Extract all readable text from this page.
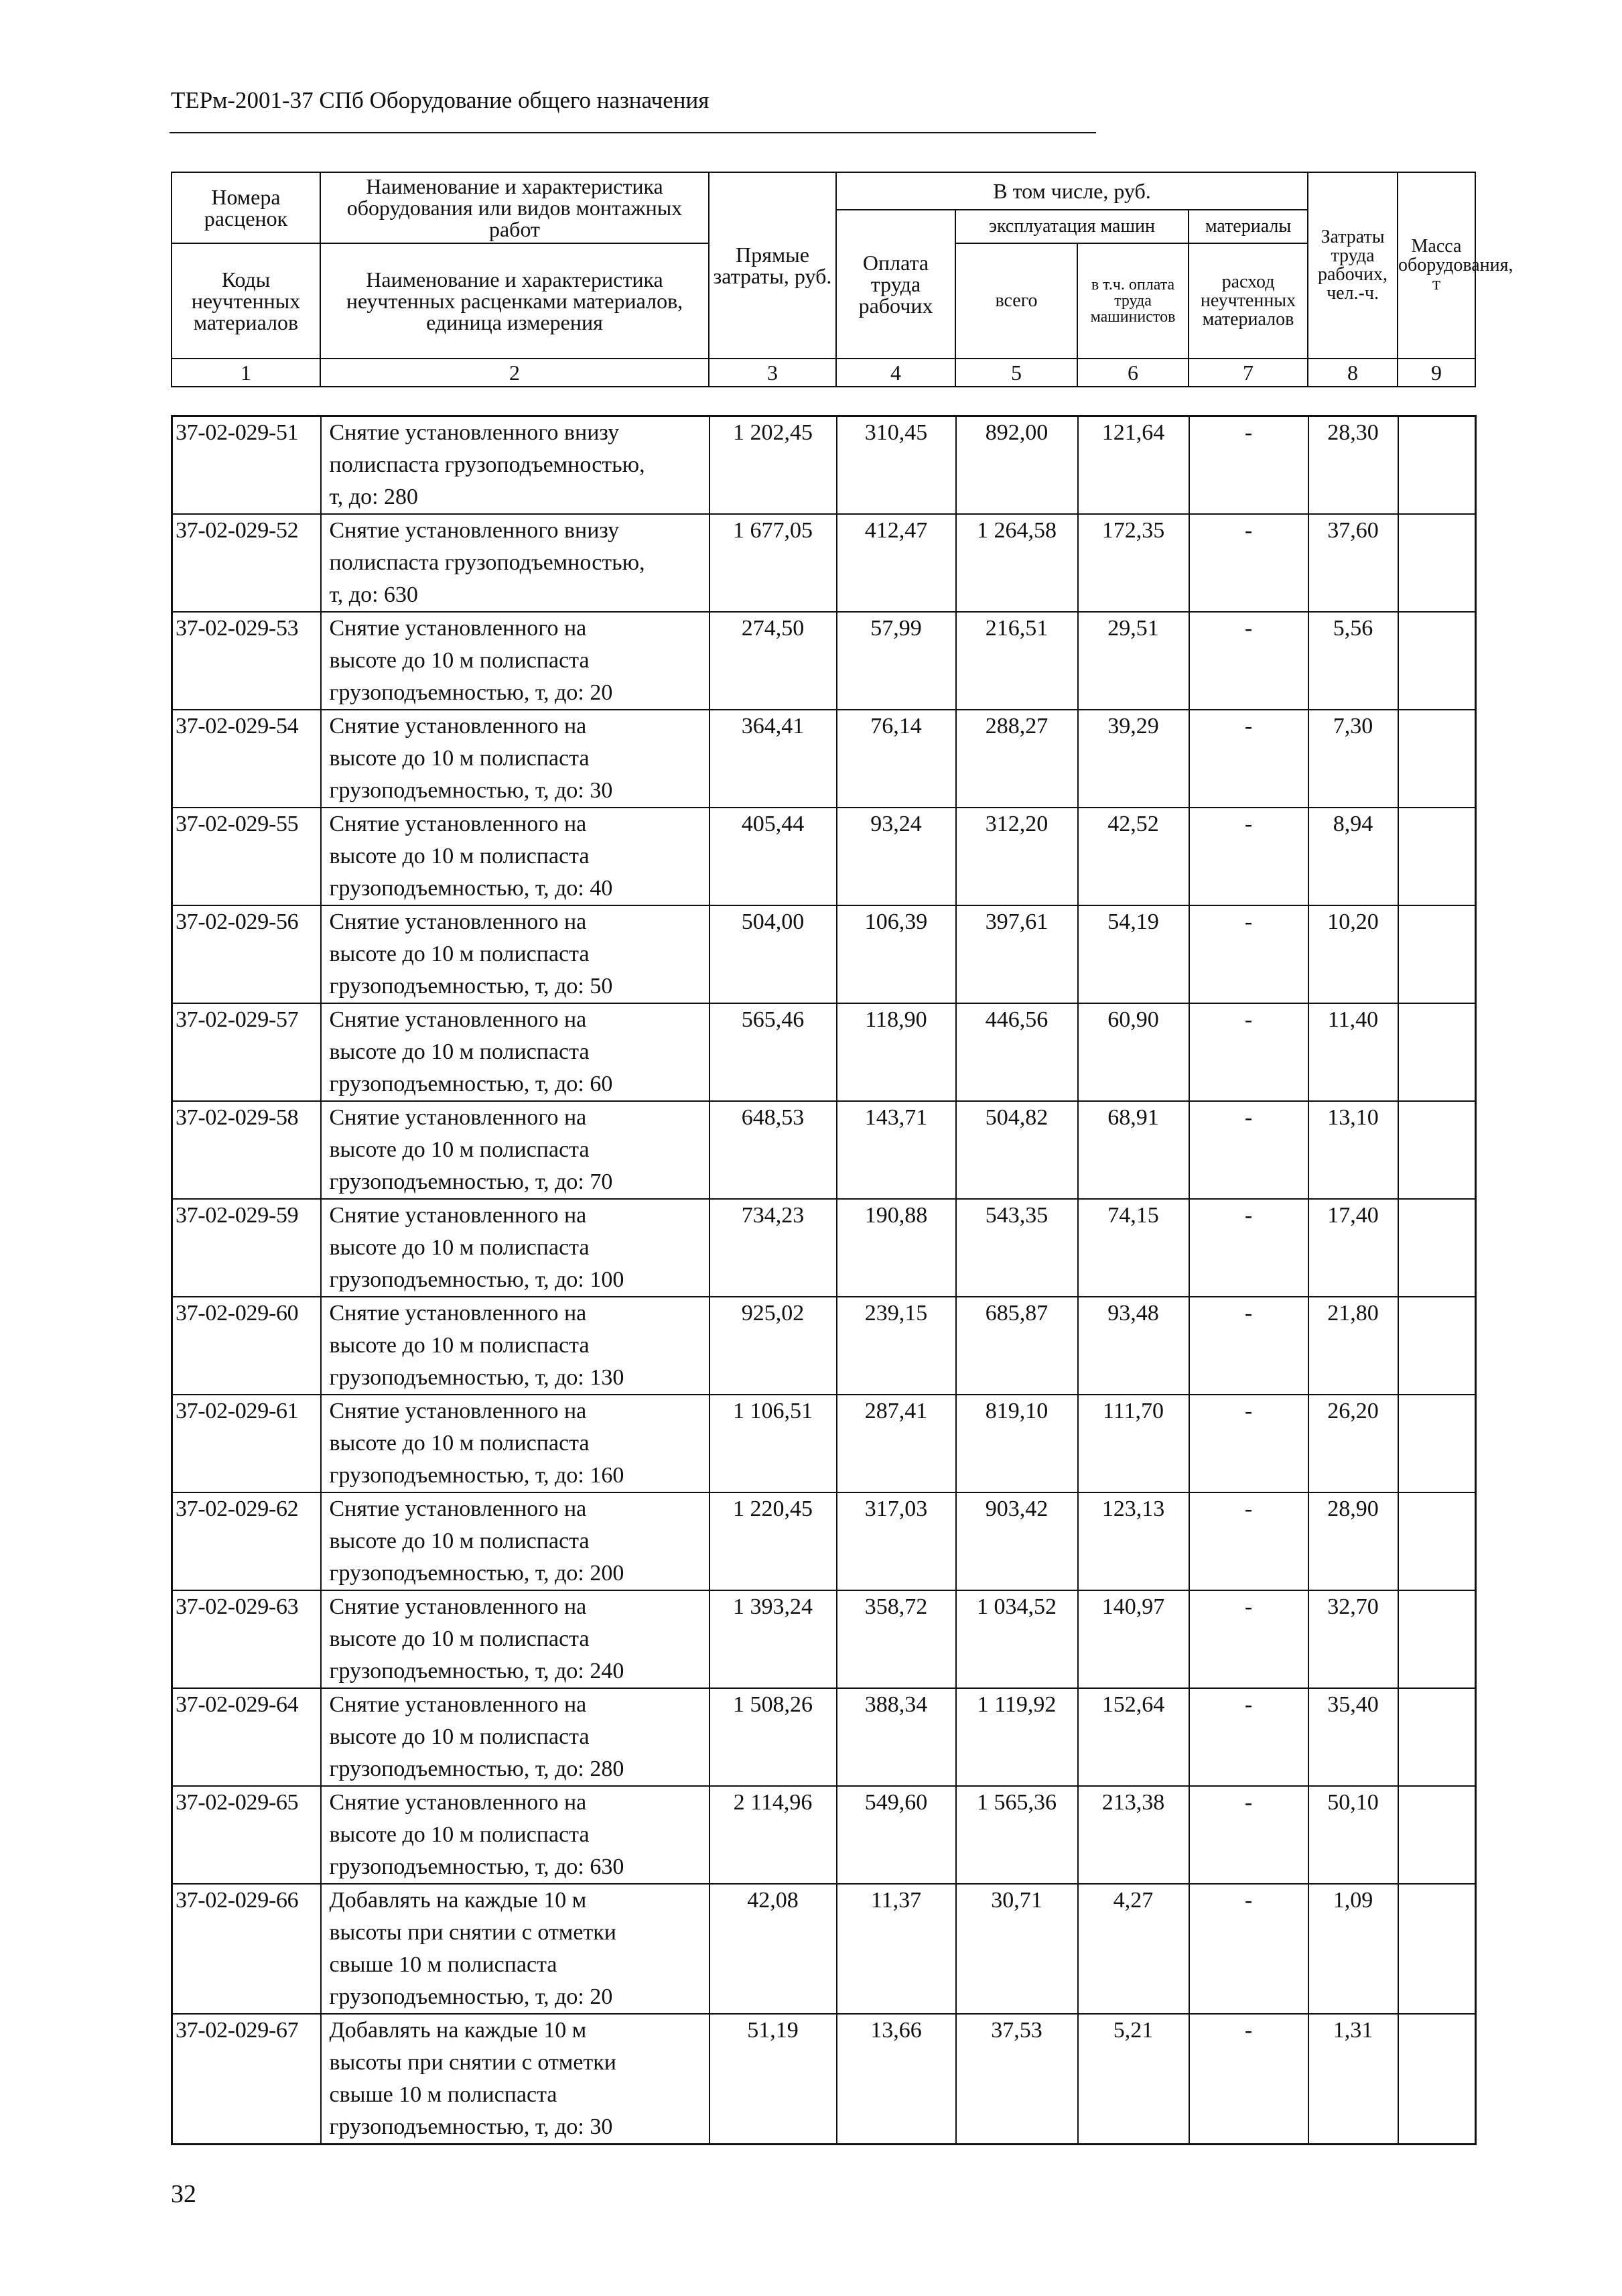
ТЕРм-2001-37 СПб Оборудование общего назначения
Номера расценок	Наименование и характеристика оборудования или видов монтажных работ	Прямые затраты, руб.	В том числе, руб.				Затраты труда рабочих, чел.-ч.	Масса оборудования, т
			Оплата труда рабочих	эксплуатация машин		материалы		
Коды неучтенных материалов	Наименование и характеристика неучтенных расценками материалов, единица измерения			всего	в т.ч. оплата труда машинистов	расход неучтенных материалов		

1	2	3	4	5	6	7	8	9
37-02-029-51	Снятие установленного внизу
полиспаста грузоподъемностью,
т, до: 280	1 202,45	310,45	892,00	121,64	-	28,30	
37-02-029-52	Снятие установленного внизу
полиспаста грузоподъемностью,
т, до: 630	1 677,05	412,47	1 264,58	172,35	-	37,60	
37-02-029-53	Снятие установленного на
высоте до 10 м полиспаста
грузоподъемностью, т, до: 20	274,50	57,99	216,51	29,51	-	5,56	
37-02-029-54	Снятие установленного на
высоте до 10 м полиспаста
грузоподъемностью, т, до: 30	364,41	76,14	288,27	39,29	-	7,30	
37-02-029-55	Снятие установленного на
высоте до 10 м полиспаста
грузоподъемностью, т, до: 40	405,44	93,24	312,20	42,52	-	8,94	
37-02-029-56	Снятие установленного на
высоте до 10 м полиспаста
грузоподъемностью, т, до: 50	504,00	106,39	397,61	54,19	-	10,20	
37-02-029-57	Снятие установленного на
высоте до 10 м полиспаста
грузоподъемностью, т, до: 60	565,46	118,90	446,56	60,90	-	11,40	
37-02-029-58	Снятие установленного на
высоте до 10 м полиспаста
грузоподъемностью, т, до: 70	648,53	143,71	504,82	68,91	-	13,10	
37-02-029-59	Снятие установленного на
высоте до 10 м полиспаста
грузоподъемностью, т, до: 100	734,23	190,88	543,35	74,15	-	17,40	
37-02-029-60	Снятие установленного на
высоте до 10 м полиспаста
грузоподъемностью, т, до: 130	925,02	239,15	685,87	93,48	-	21,80	
37-02-029-61	Снятие установленного на
высоте до 10 м полиспаста
грузоподъемностью, т, до: 160	1 106,51	287,41	819,10	111,70	-	26,20	
37-02-029-62	Снятие установленного на
высоте до 10 м полиспаста
грузоподъемностью, т, до: 200	1 220,45	317,03	903,42	123,13	-	28,90	
37-02-029-63	Снятие установленного на
высоте до 10 м полиспаста
грузоподъемностью, т, до: 240	1 393,24	358,72	1 034,52	140,97	-	32,70	
37-02-029-64	Снятие установленного на
высоте до 10 м полиспаста
грузоподъемностью, т, до: 280	1 508,26	388,34	1 119,92	152,64	-	35,40	
37-02-029-65	Снятие установленного на
высоте до 10 м полиспаста
грузоподъемностью, т, до: 630	2 114,96	549,60	1 565,36	213,38	-	50,10	
37-02-029-66	Добавлять на каждые 10 м
высоты при снятии с отметки
свыше 10 м полиспаста
грузоподъемностью, т, до: 20	42,08	11,37	30,71	4,27	-	1,09	
37-02-029-67	Добавлять на каждые 10 м
высоты при снятии с отметки
свыше 10 м полиспаста
грузоподъемностью, т, до: 30	51,19	13,66	37,53	5,21	-	1,31	
32
